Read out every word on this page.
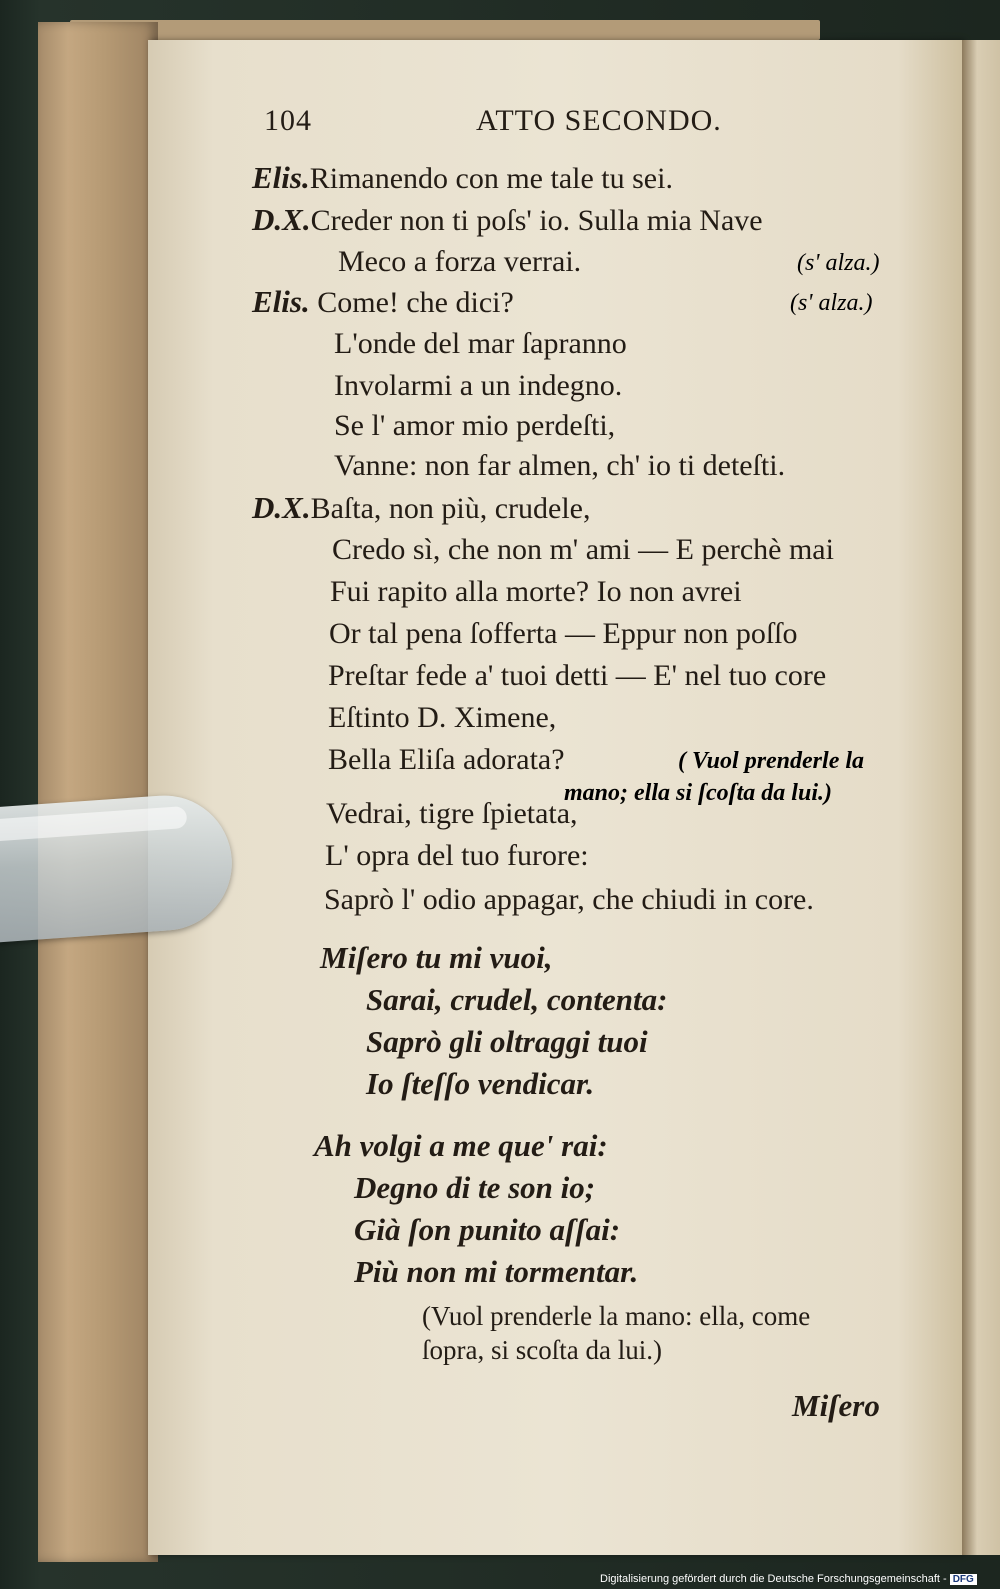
104	ATTO SECONDO.
Elis.Rimanendo con me tale tu sei.
D.X.Creder non ti poſs' io. Sulla mia Nave
Meco a forza verrai.	(s' alza.)
Elis. Come! che dici?	(s' alza.)
L'onde del mar ſapranno
Involarmi a un indegno.
Se l' amor mio perdeſti,
Vanne: non far almen, ch' io ti deteſti.
D.X.Baſta, non più, crudele,
Credo sì, che non m' ami — E perchè mai
Fui rapito alla morte? Io non avrei
Or tal pena ſofferta — Eppur non poſſo
Preſtar fede a' tuoi detti — E' nel tuo core
Eſtinto D. Ximene,
Bella Eliſa adorata?	( Vuol prenderle la
mano; ella si ſcoſta da lui.)
Vedrai, tigre ſpietata,
L' opra del tuo furore:
Saprò l' odio appagar, che chiudi in core.
Miſero tu mi vuoi,
Sarai, crudel, contenta:
Saprò gli oltraggi tuoi
Io ſteſſo vendicar.
Ah volgi a me que' rai:
Degno di te son io;
Già ſon punito aſſai:
Più non mi tormentar.
(Vuol prenderle la mano: ella, come
ſopra, si scoſta da lui.)
Miſero
Digitalisierung gefördert durch die Deutsche Forschungsgemeinschaft - DFG
